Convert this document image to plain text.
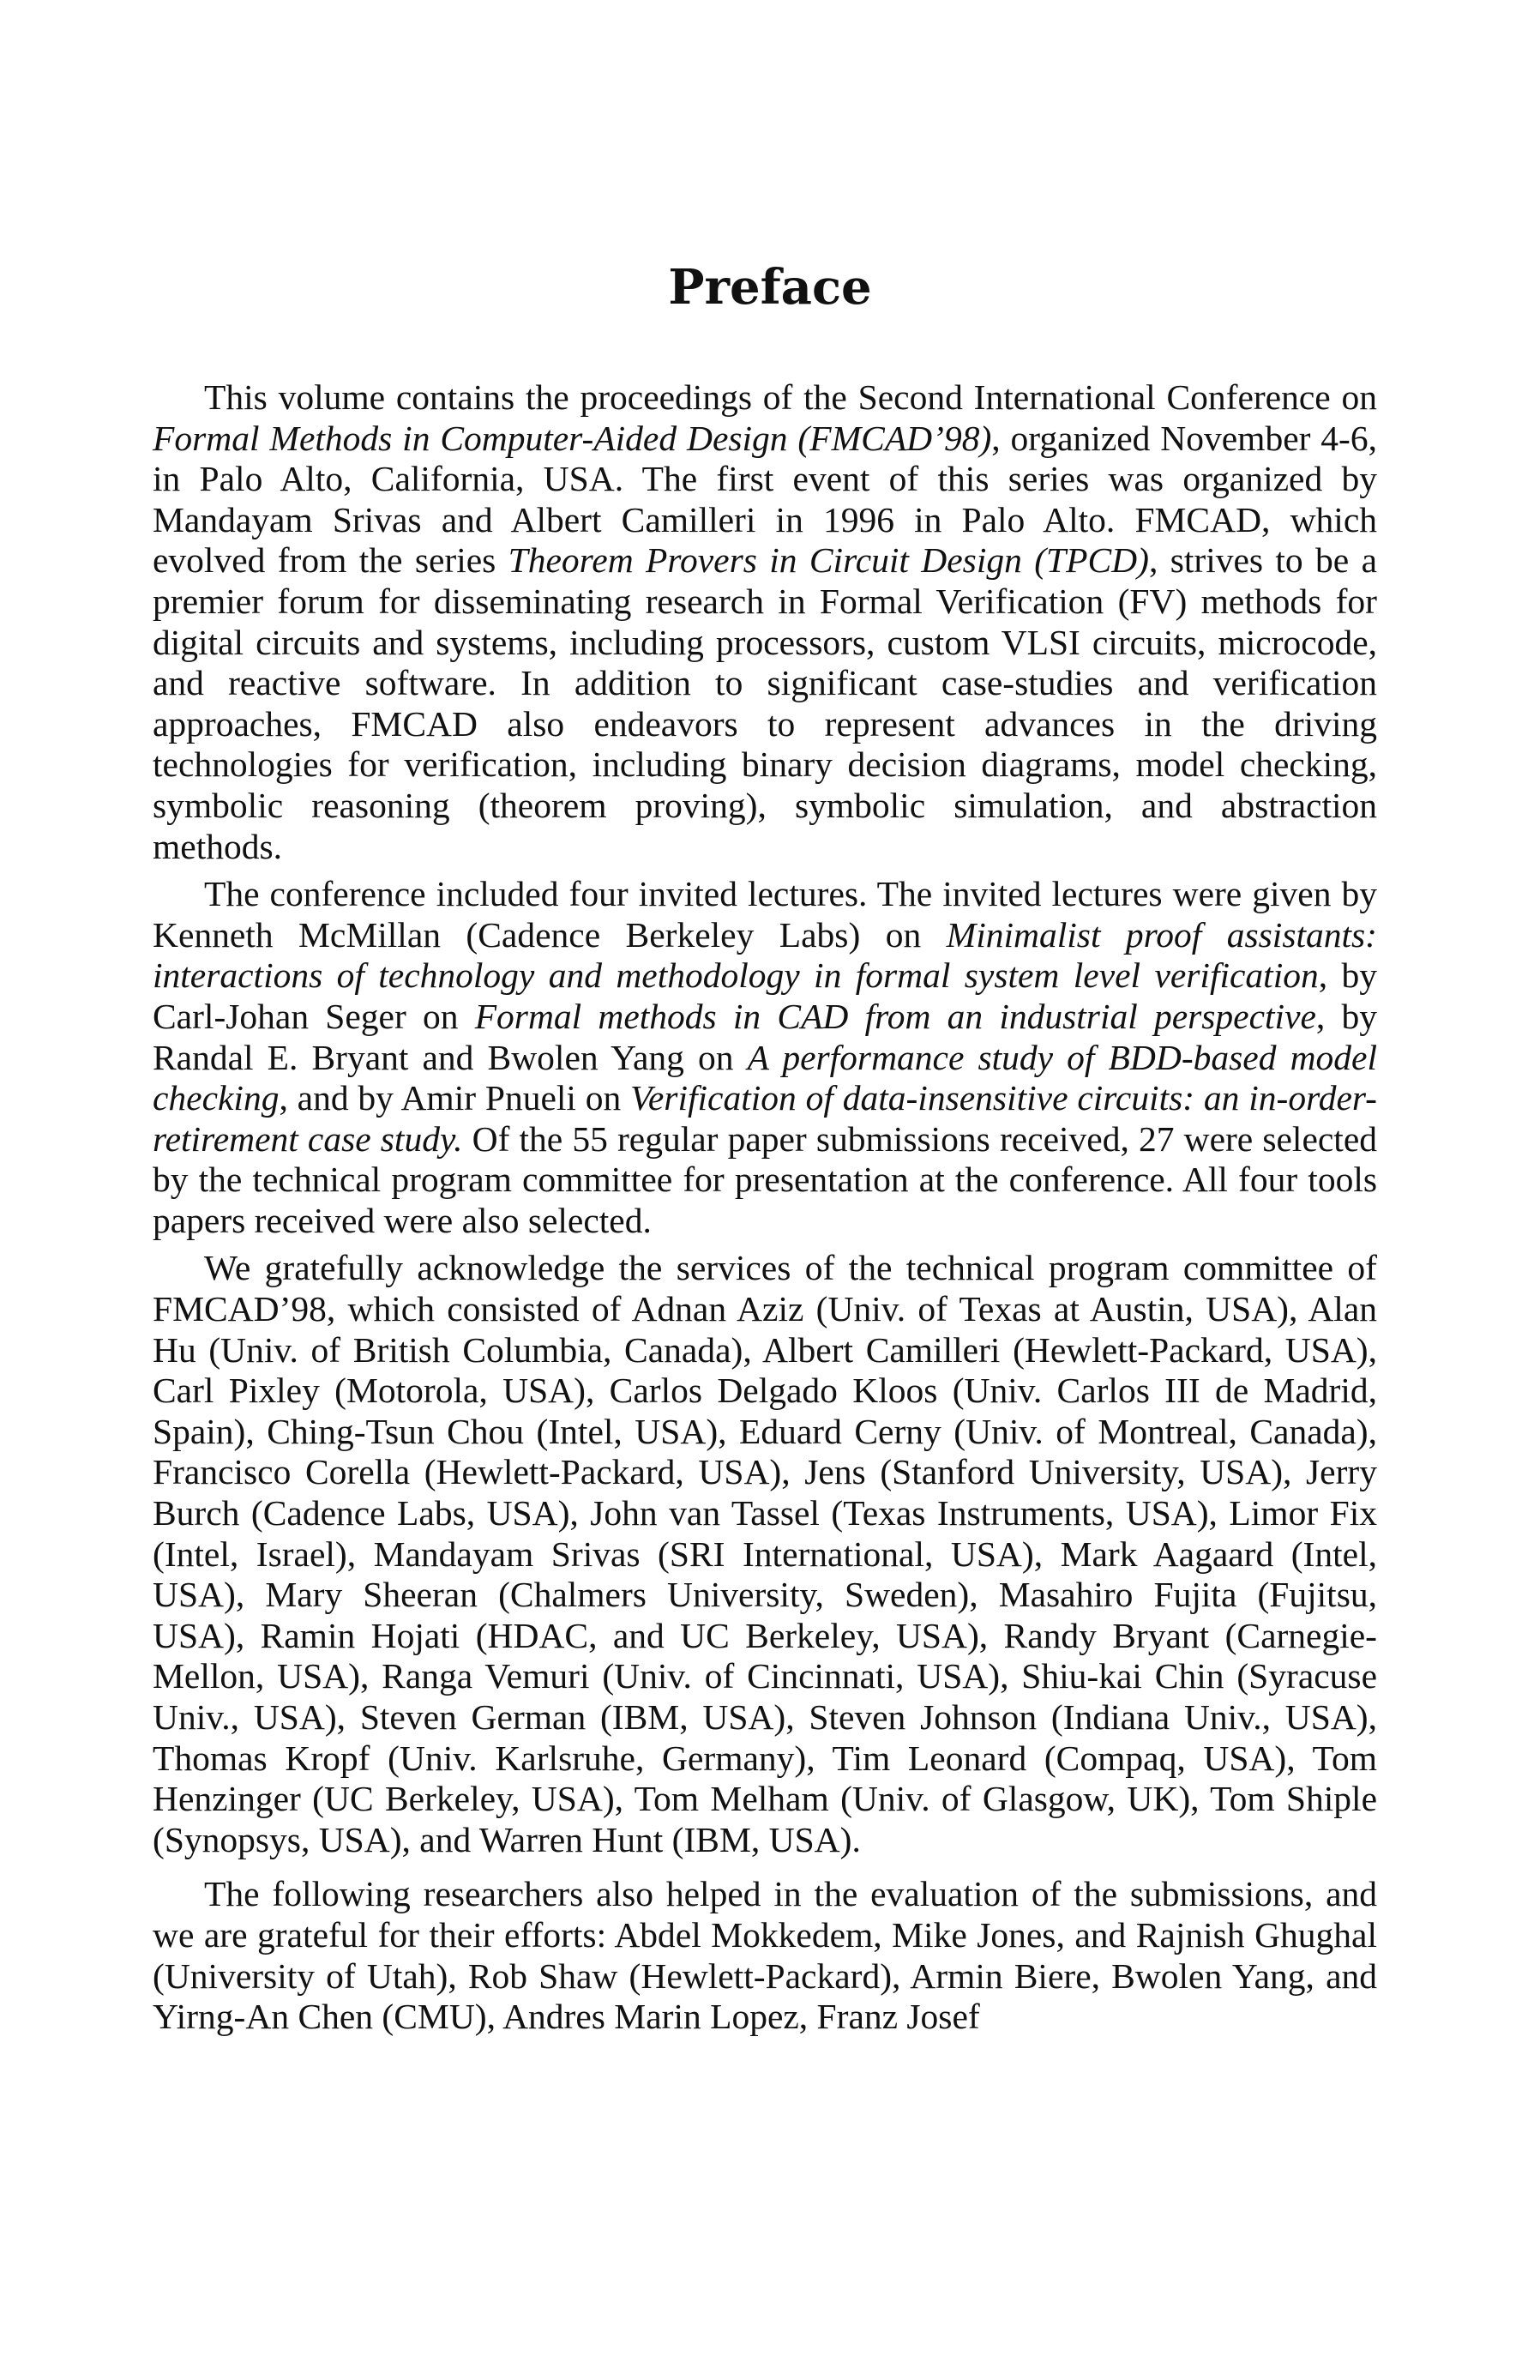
Preface

This volume contains the proceedings of the Second International Conference on Formal Methods in Computer-Aided Design (FMCAD’98), organized November 4-6, in Palo Alto, California, USA. The first event of this series was organized by Mandayam Srivas and Albert Camilleri in 1996 in Palo Alto. FMCAD, which evolved from the series Theorem Provers in Circuit Design (TPCD), strives to be a premier forum for disseminating research in Formal Verification (FV) methods for digital circuits and systems, including processors, custom VLSI circuits, microcode, and reactive software. In addition to significant case-studies and verification approaches, FMCAD also endeavors to represent advances in the driving technologies for verification, including binary decision diagrams, model checking, symbolic reasoning (theorem proving), symbolic simulation, and abstraction methods.

The conference included four invited lectures. The invited lectures were given by Kenneth McMillan (Cadence Berkeley Labs) on Minimalist proof assistants: interactions of technology and methodology in formal system level verification, by Carl-Johan Seger on Formal methods in CAD from an industrial perspective, by Randal E. Bryant and Bwolen Yang on A performance study of BDD-based model checking, and by Amir Pnueli on Verification of data-insensitive circuits: an in-order-retirement case study. Of the 55 regular paper submissions received, 27 were selected by the technical program committee for presentation at the conference. All four tools papers received were also selected.

We gratefully acknowledge the services of the technical program committee of FMCAD’98, which consisted of Adnan Aziz (Univ. of Texas at Austin, USA), Alan Hu (Univ. of British Columbia, Canada), Albert Camilleri (Hewlett-Packard, USA), Carl Pixley (Motorola, USA), Carlos Delgado Kloos (Univ. Carlos III de Madrid, Spain), Ching-Tsun Chou (Intel, USA), Eduard Cerny (Univ. of Montreal, Canada), Francisco Corella (Hewlett-Packard, USA), Jens (Stanford University, USA), Jerry Burch (Cadence Labs, USA), John van Tassel (Texas Instruments, USA), Limor Fix (Intel, Israel), Mandayam Srivas (SRI International, USA), Mark Aagaard (Intel, USA), Mary Sheeran (Chalmers University, Sweden), Masahiro Fujita (Fujitsu, USA), Ramin Hojati (HDAC, and UC Berkeley, USA), Randy Bryant (Carnegie-Mellon, USA), Ranga Vemuri (Univ. of Cincinnati, USA), Shiu-kai Chin (Syracuse Univ., USA), Steven German (IBM, USA), Steven Johnson (Indiana Univ., USA), Thomas Kropf (Univ. Karlsruhe, Germany), Tim Leonard (Compaq, USA), Tom Henzinger (UC Berkeley, USA), Tom Melham (Univ. of Glasgow, UK), Tom Shiple (Synopsys, USA), and Warren Hunt (IBM, USA).

The following researchers also helped in the evaluation of the submissions, and we are grateful for their efforts: Abdel Mokkedem, Mike Jones, and Rajnish Ghughal (University of Utah), Rob Shaw (Hewlett-Packard), Armin Biere, Bwolen Yang, and Yirng-An Chen (CMU), Andres Marin Lopez, Franz Josef
